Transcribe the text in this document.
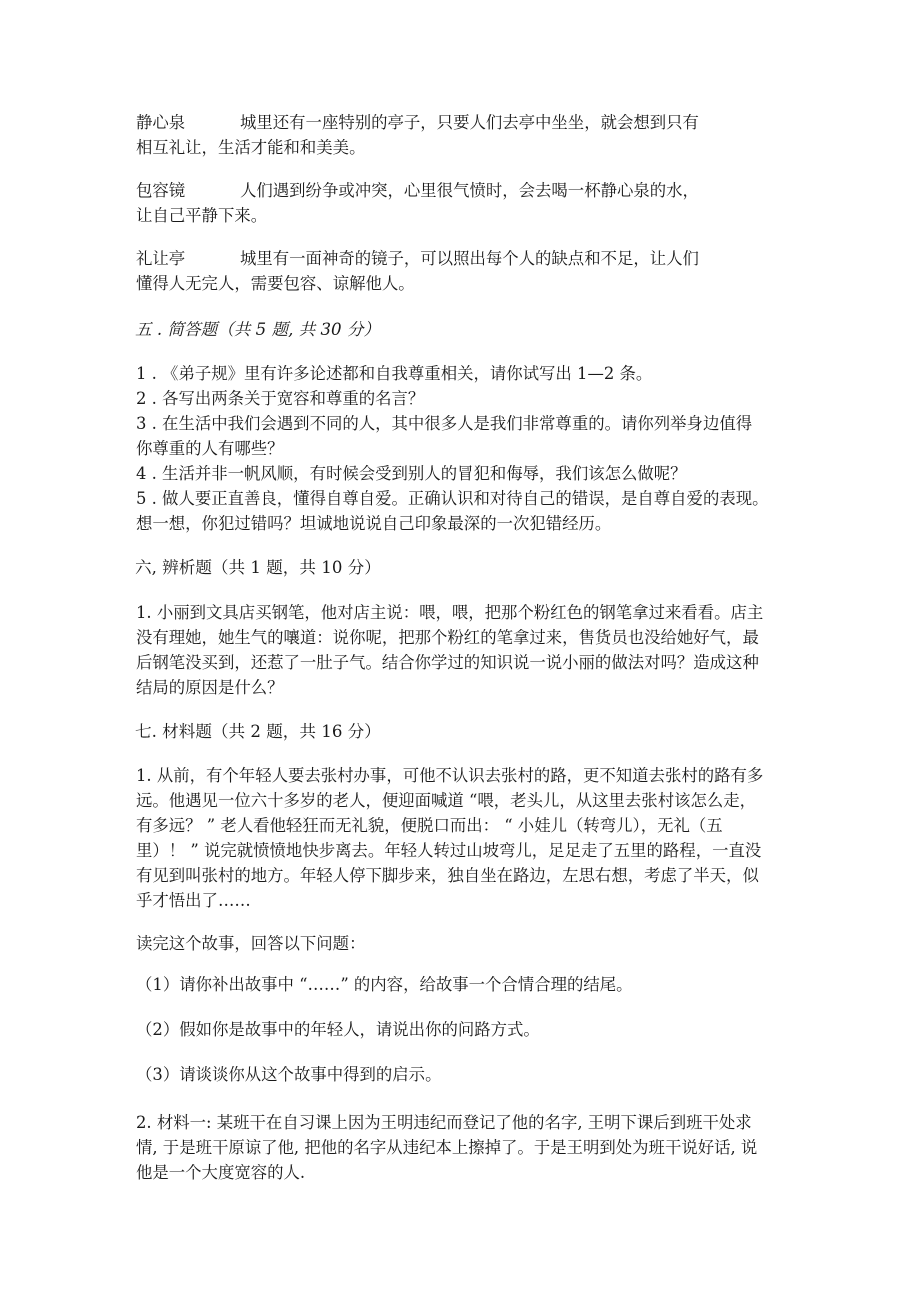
静心泉	城里还有一座特别的亭子，只要人们去亭中坐坐，就会想到只有
相互礼让，生活才能和和美美。
包容镜	人们遇到纷争或冲突，心里很气愤时，会去喝一杯静心泉的水，
让自己平静下来。
礼让亭	城里有一面神奇的镜子，可以照出每个人的缺点和不足，让人们
懂得人无完人，需要包容、谅解他人。
五 . 简答题（共 5 题, 共 30 分）
1 . 《弟子规》里有许多论述都和自我尊重相关，请你试写出 1—2 条。
2 . 各写出两条关于宽容和尊重的名言？
3 . 在生活中我们会遇到不同的人，其中很多人是我们非常尊重的。请你列举身边值得
你尊重的人有哪些？
4 . 生活并非一帆风顺，有时候会受到别人的冒犯和侮辱，我们该怎么做呢？
5 . 做人要正直善良，懂得自尊自爱。正确认识和对待自己的错误，是自尊自爱的表现。
想一想，你犯过错吗？坦诚地说说自己印象最深的一次犯错经历。
六, 辨析题（共 1 题，共 10 分）
1. 小丽到文具店买钢笔，他对店主说：喂，喂，把那个粉红色的钢笔拿过来看看。店主
没有理她，她生气的嚷道：说你呢，把那个粉红的笔拿过来，售货员也没给她好气，最
后钢笔没买到，还惹了一肚子气。结合你学过的知识说一说小丽的做法对吗？造成这种
结局的原因是什么？
七. 材料题（共 2 题，共 16 分）
1. 从前，有个年轻人要去张村办事，可他不认识去张村的路，更不知道去张村的路有多
远。他遇见一位六十多岁的老人，便迎面喊道 “喂，老头儿，从这里去张村该怎么走，
有多远？ ” 老人看他轻狂而无礼貌，便脱口而出： “ 小娃儿（转弯儿），无礼（五
里）！ ” 说完就愤愤地快步离去。年轻人转过山坡弯儿，足足走了五里的路程，一直没
有见到叫张村的地方。年轻人停下脚步来，独自坐在路边，左思右想，考虑了半天，似
乎才悟出了……
读完这个故事，回答以下问题：
（1）请你补出故事中 “……” 的内容，给故事一个合情合理的结尾。
（2）假如你是故事中的年轻人，请说出你的问路方式。
（3）请谈谈你从这个故事中得到的启示。
2. 材料一: 某班干在自习课上因为王明违纪而登记了他的名字, 王明下课后到班干处求
情, 于是班干原谅了他, 把他的名字从违纪本上擦掉了。于是王明到处为班干说好话, 说
他是一个大度宽容的人.
